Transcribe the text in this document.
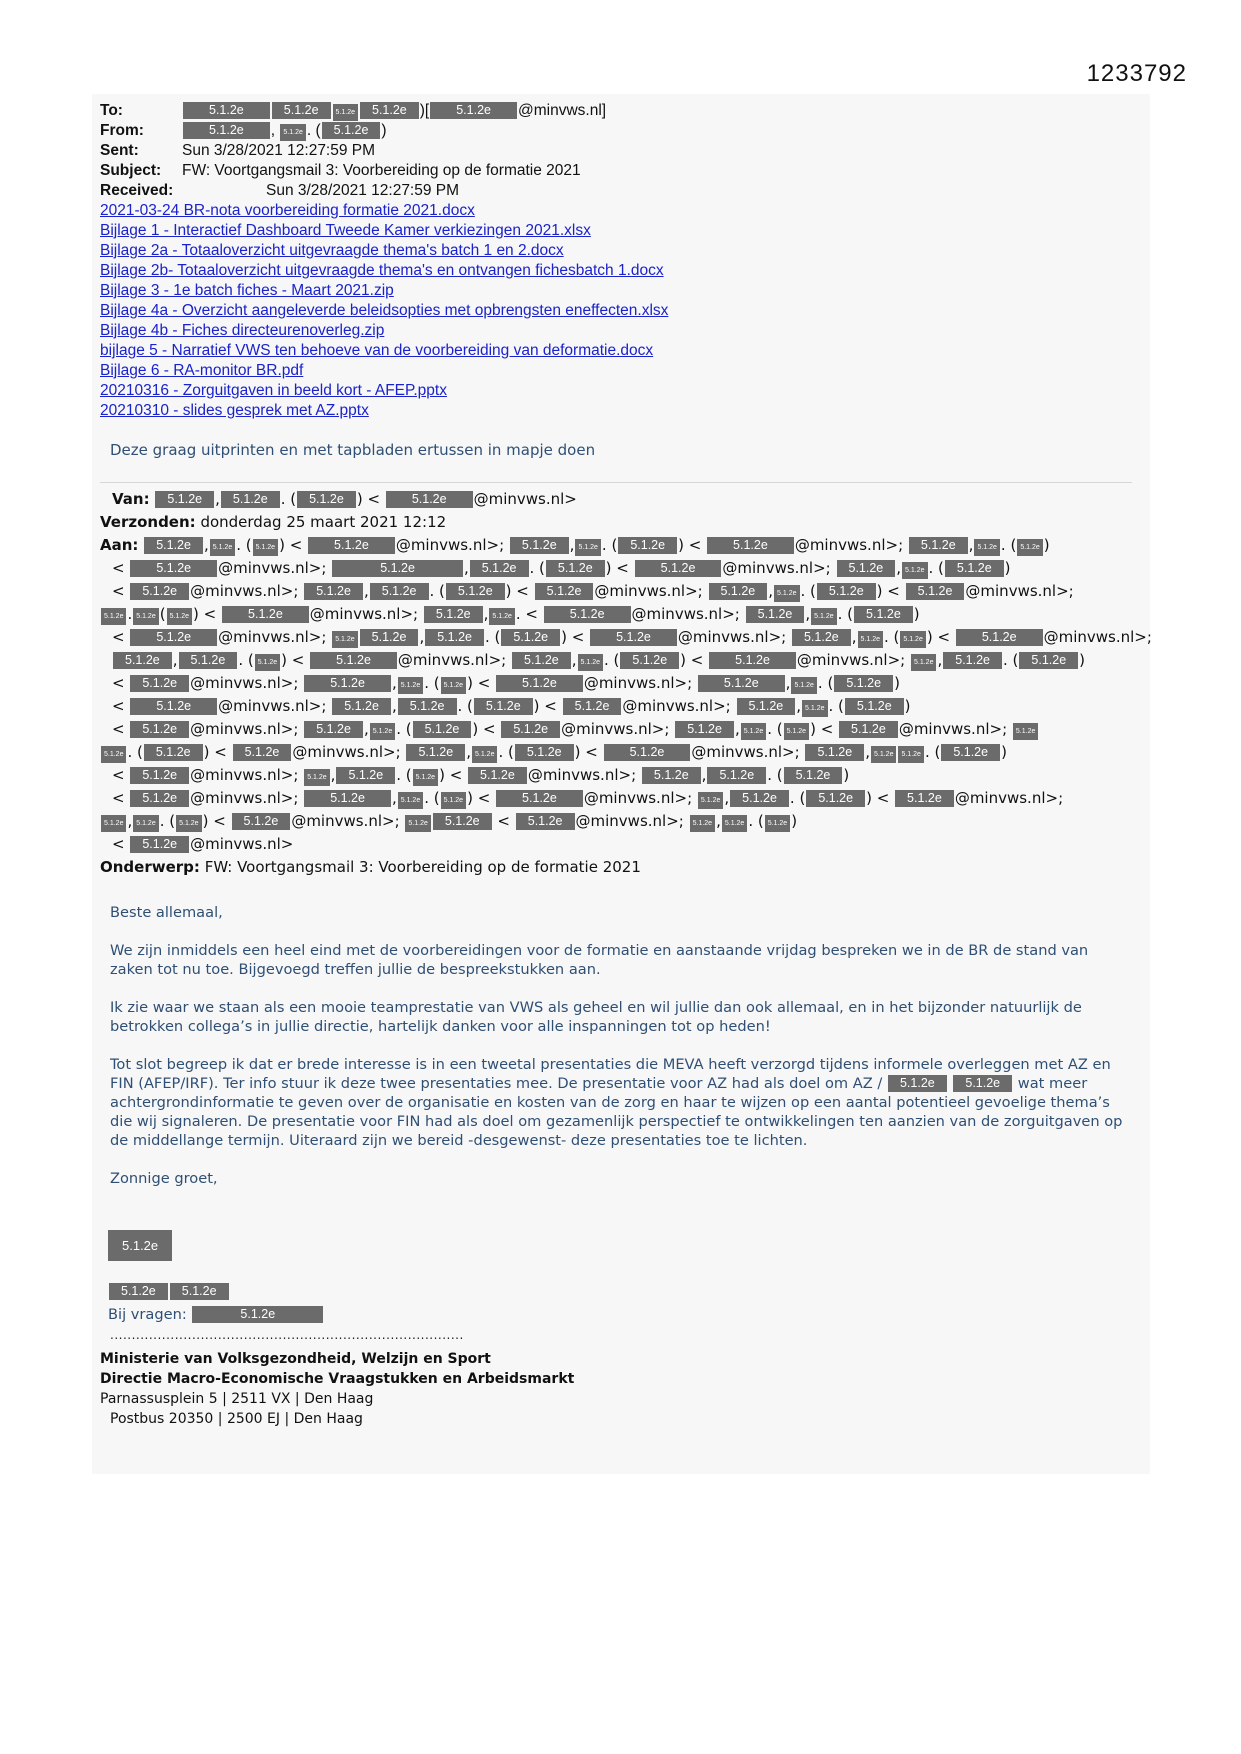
1233792
To:	5.1.2e	5.1.2e 5.1.2e 5.1.2e )[ 5.1.2e @minvws.nl]
From:	5.1.2e , 5.1.2e . ( 5.1.2e )
Sent:	Sun 3/28/2021 12:27:59 PM
Subject: FW: Voortgangsmail 3: Voorbereiding op de formatie 2021
Received:	Sun 3/28/2021 12:27:59 PM
2021-03-24 BR-nota voorbereiding formatie 2021.docx
Bijlage 1 - Interactief Dashboard Tweede Kamer verkiezingen 2021.xlsx
Bijlage 2a - Totaaloverzicht uitgevraagde thema's batch 1 en 2.docx
Bijlage 2b- Totaaloverzicht uitgevraagde thema's en ontvangen fichesbatch 1.docx
Bijlage 3 - 1e batch fiches - Maart 2021.zip
Bijlage 4a - Overzicht aangeleverde beleidsopties met opbrengsten eneffecten.xlsx
Bijlage 4b - Fiches directeurenoverleg.zip
bijlage 5 - Narratief VWS ten behoeve van de voorbereiding van deformatie.docx
Bijlage 6 - RA-monitor BR.pdf
20210316 - Zorguitgaven in beeld kort - AFEP.pptx
20210310 - slides gesprek met AZ.pptx
Deze graag uitprinten en met tapbladen ertussen in mapje doen
Van: 5.1.2e , 5.1.2e . ( 5.1.2e ) < 5.1.2e @minvws.nl>
Verzonden: donderdag 25 maart 2021 12:12
Aan: 5.1.2e , 5.1.2e . ( 5.1.2e ) < 5.1.2e @minvws.nl>; 5.1.2e , 5.1.2e . ( 5.1.2e ) < 5.1.2e @minvws.nl>; 5.1.2e , 5.1.2e . ( 5.1.2e )
< 5.1.2e @minvws.nl>;	5.1.2e	, 5.1.2e . ( 5.1.2e ) < 5.1.2e @minvws.nl>; 5.1.2e , 5.1.2e . ( 5.1.2e )
< 5.1.2e @minvws.nl>; 5.1.2e , 5.1.2e . ( 5.1.2e ) < 5.1.2e @minvws.nl>; 5.1.2e , 5.1.2e . ( 5.1.2e ) < 5.1.2e @minvws.nl>;
5.1.2e . 5.1.2e ( 5.1.2e ) < 5.1.2e @minvws.nl>; 5.1.2e , 5.1.2e . < 5.1.2e @minvws.nl>; 5.1.2e , 5.1.2e . ( 5.1.2e )
< 5.1.2e @minvws.nl>; 5.1.2e 5.1.2e , 5.1.2e . ( 5.1.2e ) < 5.1.2e @minvws.nl>; 5.1.2e , 5.1.2e . ( 5.1.2e ) < 5.1.2e @minvws.nl>;
5.1.2e , 5.1.2e . ( 5.1.2e ) < 5.1.2e @minvws.nl>; 5.1.2e , 5.1.2e . ( 5.1.2e ) < 5.1.2e @minvws.nl>; 5.1.2e , 5.1.2e . ( 5.1.2e )
< 5.1.2e @minvws.nl>;	5.1.2e , 5.1.2e . ( 5.1.2e ) < 5.1.2e @minvws.nl>;	5.1.2e , 5.1.2e . ( 5.1.2e )
< 5.1.2e @minvws.nl>; 5.1.2e , 5.1.2e . ( 5.1.2e ) < 5.1.2e @minvws.nl>; 5.1.2e , 5.1.2e . ( 5.1.2e )
< 5.1.2e @minvws.nl>; 5.1.2e , 5.1.2e . ( 5.1.2e ) < 5.1.2e @minvws.nl>; 5.1.2e , 5.1.2e . ( 5.1.2e ) < 5.1.2e @minvws.nl>; 5.1.2e
5.1.2e . ( 5.1.2e ) < 5.1.2e @minvws.nl>; 5.1.2e , 5.1.2e . ( 5.1.2e ) < 5.1.2e @minvws.nl>; 5.1.2e , 5.1.2e 5.1.2e . ( 5.1.2e )
< 5.1.2e @minvws.nl>; 5.1.2e , 5.1.2e . ( 5.1.2e ) < 5.1.2e @minvws.nl>; 5.1.2e , 5.1.2e . ( 5.1.2e )
< 5.1.2e @minvws.nl>;	5.1.2e , 5.1.2e . ( 5.1.2e ) < 5.1.2e @minvws.nl>; 5.1.2e , 5.1.2e . ( 5.1.2e ) < 5.1.2e @minvws.nl>;
5.1.2e , 5.1.2e . ( 5.1.2e ) < 5.1.2e @minvws.nl>; 5.1.2e 5.1.2e < 5.1.2e @minvws.nl>; 5.1.2e , 5.1.2e . ( 5.1.2e )
< 5.1.2e @minvws.nl>
Onderwerp: FW: Voortgangsmail 3: Voorbereiding op de formatie 2021

Beste allemaal,

We zijn inmiddels een heel eind met de voorbereidingen voor de formatie en aanstaande vrijdag bespreken we in de BR de stand van zaken tot nu toe. Bijgevoegd treffen jullie de bespreekstukken aan.

Ik zie waar we staan als een mooie teamprestatie van VWS als geheel en wil jullie dan ook allemaal, en in het bijzonder natuurlijk de betrokken collega’s in jullie directie, hartelijk danken voor alle inspanningen tot op heden!

Tot slot begreep ik dat er brede interesse is in een tweetal presentaties die MEVA heeft verzorgd tijdens informele overleggen met AZ en FIN (AFEP/IRF). Ter info stuur ik deze twee presentaties mee. De presentatie voor AZ had als doel om AZ / 5.1.2e 5.1.2e wat meer achtergrondinformatie te geven over de organisatie en kosten van de zorg en haar te wijzen op een aantal potentieel gevoelige thema’s die wij signaleren. De presentatie voor FIN had als doel om gezamenlijk perspectief te ontwikkelingen ten aanzien van de zorguitgaven op de middellange termijn. Uiteraard zijn we bereid -desgewenst- deze presentaties toe te lichten.

Zonnige groet,

5.1.2e
5.1.2e 5.1.2e
Bij vragen:	5.1.2e
..................................................................................
Ministerie van Volksgezondheid, Welzijn en Sport
Directie Macro-Economische Vraagstukken en Arbeidsmarkt
Parnassusplein 5 | 2511 VX | Den Haag
Postbus 20350 | 2500 EJ | Den Haag
